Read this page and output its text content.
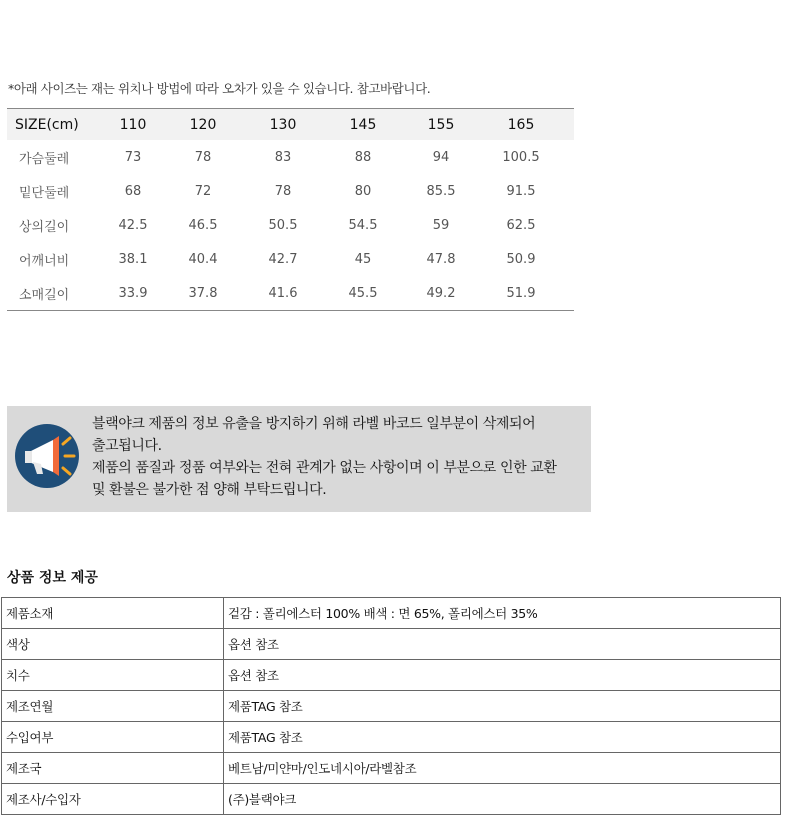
*아래 사이즈는 재는 위치나 방법에 따라 오차가 있을 수 있습니다. 참고바랍니다.
SIZE(cm)	110	120	130	145	155	165
가슴둘레	73	78	83	88	94	100.5
밑단둘레	68	72	78	80	85.5	91.5
상의길이	42.5	46.5	50.5	54.5	59	62.5
어깨너비	38.1	40.4	42.7	45	47.8	50.9
소매길이	33.9	37.8	41.6	45.5	49.2	51.9
블랙야크 제품의 정보 유출을 방지하기 위해 라벨 바코드 일부분이 삭제되어
출고됩니다.
제품의 품질과 정품 여부와는 전혀 관계가 없는 사항이며 이 부분으로 인한 교환
및 환불은 불가한 점 양해 부탁드립니다.
상품 정보 제공
제품소재	겉감 : 폴리에스터 100% 배색 : 면 65%, 폴리에스터 35%
색상	옵션 참조
치수	옵션 참조
제조연월	제품TAG 참조
수입여부	제품TAG 참조
제조국	베트남/미얀마/인도네시아/라벨참조
제조사/수입자	(주)블랙야크
